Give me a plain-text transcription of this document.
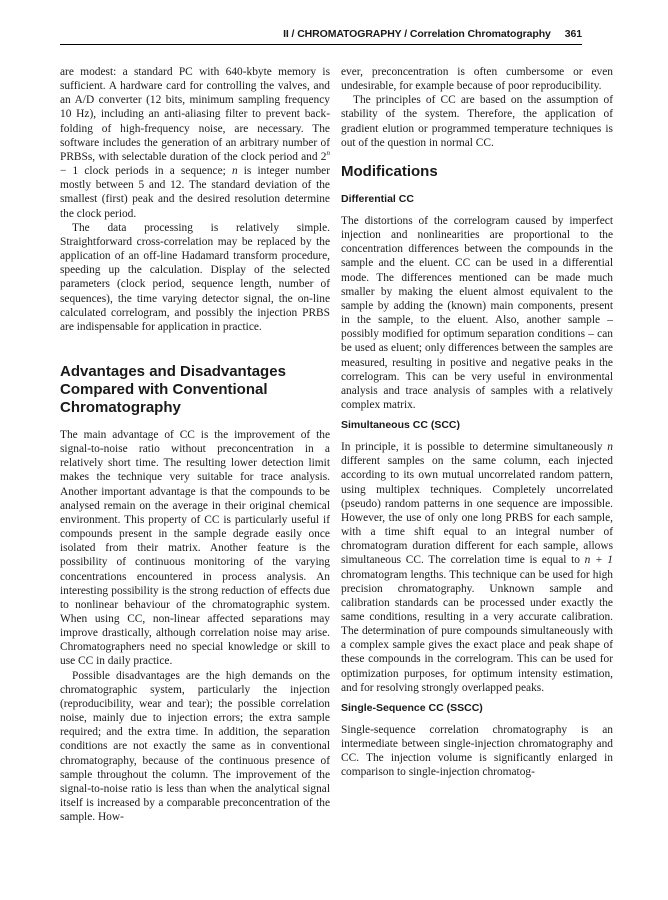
II / CHROMATOGRAPHY / Correlation Chromatography 361

are modest: a standard PC with 640-kbyte memory is sufficient. A hardware card for controlling the valves, and an A/D converter (12 bits, minimum sampling frequency 10 Hz), including an anti-aliasing filter to prevent back-folding of high-frequency noise, are necessary. The software includes the generation of an arbitrary number of PRBSs, with selectable duration of the clock period and $2^n - 1$ clock periods in a sequence; n is integer number mostly between 5 and 12. The standard deviation of the smallest (first) peak and the desired resolution determine the clock period.

The data processing is relatively simple. Straightforward cross-correlation may be replaced by the application of an off-line Hadamard transform procedure, speeding up the calculation. Display of the selected parameters (clock period, sequence length, number of sequences), the time varying detector signal, the on-line calculated correlogram, and possibly the injection PRBS are indispensable for application in practice.

Advantages and Disadvantages Compared with Conventional Chromatography

The main advantage of CC is the improvement of the signal-to-noise ratio without preconcentration in a relatively short time. The resulting lower detection limit makes the technique very suitable for trace analysis. Another important advantage is that the compounds to be analysed remain on the average in their original chemical environment. This property of CC is particularly useful if compounds present in the sample degrade easily once isolated from their matrix. Another feature is the possibility of continuous monitoring of the varying concentrations encountered in process analysis. An interesting possibility is the strong reduction of effects due to nonlinear behaviour of the chromatographic system. When using CC, non-linear affected separations may improve drastically, although correlation noise may arise. Chromatographers need no special knowledge or skill to use CC in daily practice.

Possible disadvantages are the high demands on the chromatographic system, particularly the injection (reproducibility, wear and tear); the possible correlation noise, mainly due to injection errors; the extra sample required; and the extra time. In addition, the separation conditions are not exactly the same as in conventional chromatography, because of the continuous presence of sample throughout the column. The improvement of the signal-to-noise ratio is less than when the analytical signal itself is increased by a comparable preconcentration of the sample. How-

ever, preconcentration is often cumbersome or even undesirable, for example because of poor reproducibility.

The principles of CC are based on the assumption of stability of the system. Therefore, the application of gradient elution or programmed temperature techniques is out of the question in normal CC.

Modifications
Differential CC

The distortions of the correlogram caused by imperfect injection and nonlinearities are proportional to the concentration differences between the compounds in the sample and the eluent. CC can be used in a differential mode. The differences mentioned can be made much smaller by making the eluent almost equivalent to the sample by adding the (known) main components, present in the sample, to the eluent. Also, another sample – possibly modified for optimum separation conditions – can be used as eluent; only differences between the samples are measured, resulting in positive and negative peaks in the correlogram. This can be very useful in environmental analysis and trace analysis of samples with a relatively complex matrix.

Simultaneous CC (SCC)

In principle, it is possible to determine simultaneously n different samples on the same column, each injected according to its own mutual uncorrelated random pattern, using multiplex techniques. Completely uncorrelated (pseudo) random patterns in one sequence are impossible. However, the use of only one long PRBS for each sample, with a time shift equal to an integral number of chromatogram duration different for each sample, allows simultaneous CC. The correlation time is equal to n + 1 chromatogram lengths. This technique can be used for high precision chromatography. Unknown sample and calibration standards can be processed under exactly the same conditions, resulting in a very accurate calibration. The determination of pure compounds simultaneously with a complex sample gives the exact place and peak shape of these compounds in the correlogram. This can be used for optimization purposes, for optimum intensity estimation, and for resolving strongly overlapped peaks.

Single-Sequence CC (SSCC)

Single-sequence correlation chromatography is an intermediate between single-injection chromatography and CC. The injection volume is significantly enlarged in comparison to single-injection chromatog-
